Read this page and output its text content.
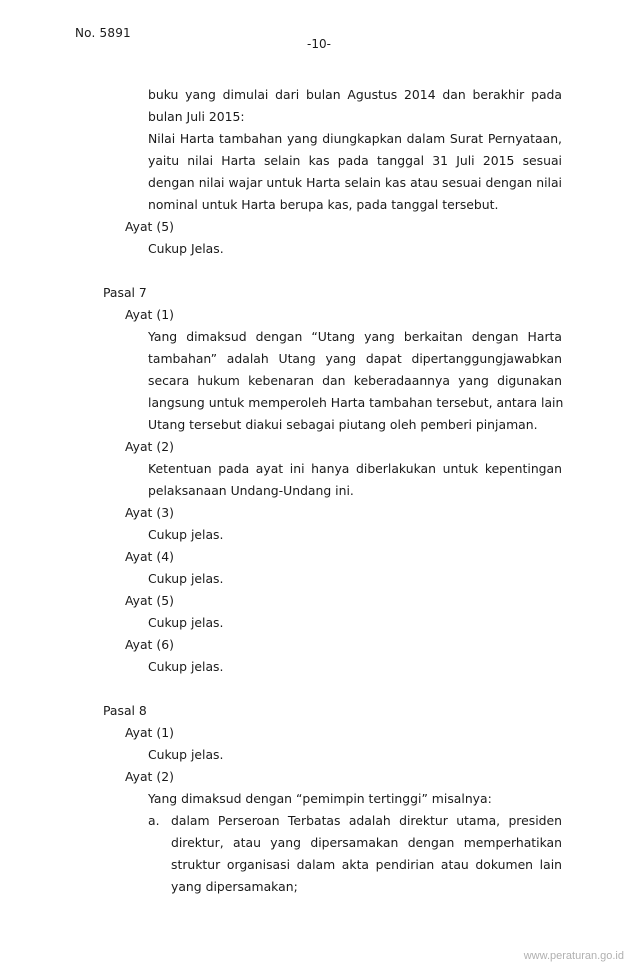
No. 5891
-10-
buku yang dimulai dari bulan Agustus 2014 dan berakhir pada
bulan Juli 2015:
Nilai Harta tambahan yang diungkapkan dalam Surat Pernyataan,
yaitu nilai Harta selain kas pada tanggal 31 Juli 2015 sesuai
dengan nilai wajar untuk Harta selain kas atau sesuai dengan nilai
nominal untuk Harta berupa kas, pada tanggal tersebut.
Ayat (5)
Cukup Jelas.
Pasal 7
Ayat (1)
Yang dimaksud dengan “Utang yang berkaitan dengan Harta
tambahan” adalah Utang yang dapat dipertanggungjawabkan
secara hukum kebenaran dan keberadaannya yang digunakan
langsung untuk memperoleh Harta tambahan tersebut, antara lain
Utang tersebut diakui sebagai piutang oleh pemberi pinjaman.
Ayat (2)
Ketentuan pada ayat ini hanya diberlakukan untuk kepentingan
pelaksanaan Undang-Undang ini.
Ayat (3)
Cukup jelas.
Ayat (4)
Cukup jelas.
Ayat (5)
Cukup jelas.
Ayat (6)
Cukup jelas.
Pasal 8
Ayat (1)
Cukup jelas.
Ayat (2)
Yang dimaksud dengan “pemimpin tertinggi” misalnya:
a. dalam Perseroan Terbatas adalah direktur utama, presiden
direktur, atau yang dipersamakan dengan memperhatikan
struktur organisasi dalam akta pendirian atau dokumen lain
yang dipersamakan;
www.peraturan.go.id
